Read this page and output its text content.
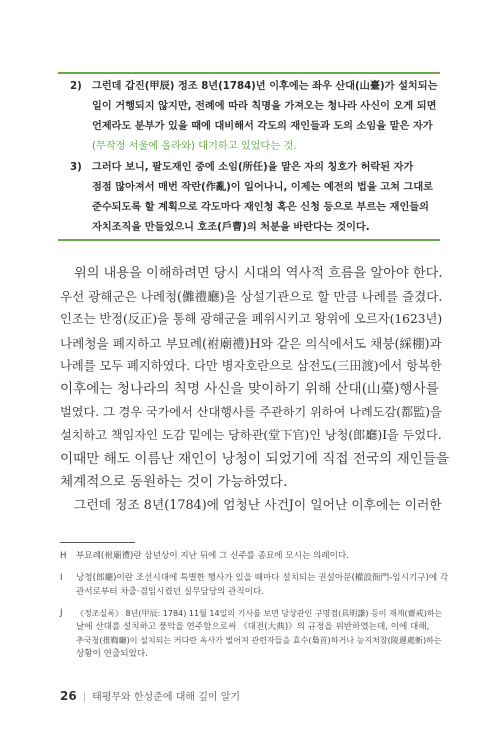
2)	그런데 갑진(甲辰) 정조 8년(1784)년 이후에는 좌우 산대(山臺)가 설치되는
일이 거행되지 않지만, 전례에 따라 칙명을 가져오는 청나라 사신이 오게 되면
언제라도 분부가 있을 때에 대비해서 각도의 재인들과 도의 소임을 맡은 자가
(무작정 서울에 올라와) 대기하고 있었다는 것.
3)	그러다 보니, 팔도재인 중에 소임(所任)을 맡은 자의 칭호가 허락된 자가
점점 많아져서 매번 작란(作亂)이 일어나니, 이제는 예전의 법을 고쳐 그대로
준수되도록 할 계획으로 각도마다 재인청 혹은 신청 등으로 부르는 재인들의
자치조직을 만들었으니 호조(戶曹)의 처분을 바란다는 것이다.
위의 내용을 이해하려면 당시 시대의 역사적 흐름을 알아야 한다.
우선 광해군은 나례청(儺禮廳)을 상설기관으로 할 만큼 나례를 즐겼다.
인조는 반정(反正)을 통해 광해군을 폐위시키고 왕위에 오르자(1623년)
나례청을 폐지하고 부묘례(祔廟禮)H와 같은 의식에서도 채붕(綵棚)과
나례를 모두 폐지하였다. 다만 병자호란으로 삼전도(三田渡)에서 항복한
이후에는 청나라의 칙명 사신을 맞이하기 위해 산대(山臺)행사를
벌였다. 그 경우 국가에서 산대행사를 주관하기 위하여 나례도감(都監)을
설치하고 책임자인 도감 밑에는 당하관(堂下官)인 낭청(郎廳)I을 두었다.
이때만 해도 이름난 재인이 낭청이 되었기에 직접 전국의 재인들을
체계적으로 동원하는 것이 가능하였다.
그런데 정조 8년(1784)에 엄청난 사건J이 일어난 이후에는 이러한
H	부묘례(祔廟禮)란 삼년상이 지난 뒤에 그 신주를 종묘에 모시는 의례이다.
I	낭청(郎廳)이란 조선시대에 특별한 행사가 있을 때마다 설치되는 권설아문(權設衙門-임시기구)에 각
관서로부터 차출·겸임시켰던 실무담당의 관직이다.
J	《정조실록》 8년(甲辰: 1784) 11월 14일의 기사를 보면 당상관인 구명겸(具明謙) 등이 재계(齋戒)하는
날에 산대를 설치하고 풍악을 연주함으로써 《대전(大典)》의 규정을 위반하였는데, 이에 대해,
추국청(推鞫廳)이 설치되는 커다란 옥사가 벌어져 관련자들을 효수(梟首)하거나 능지처참(陵遲處斬)하는
상황이 연출되었다.
26 | 태평무와 한성준에 대해 깊이 알기
